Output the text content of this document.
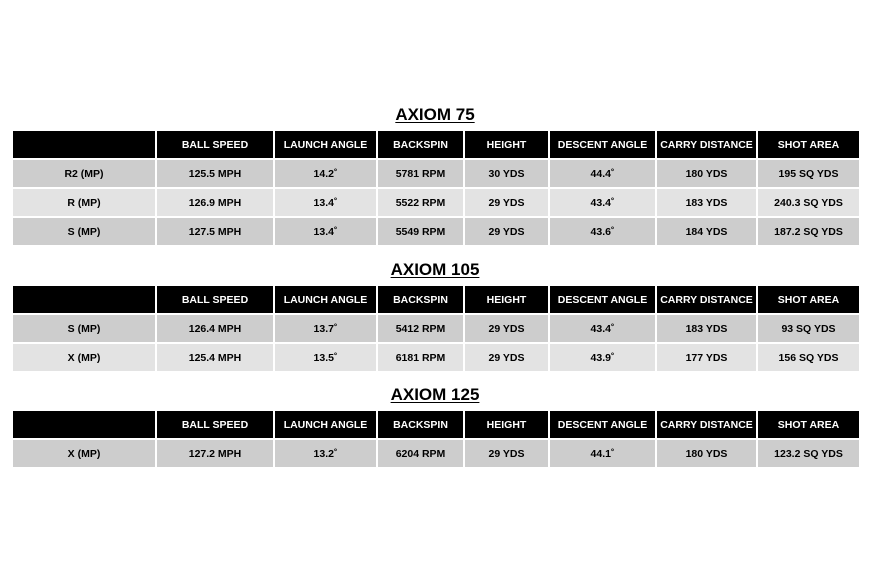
AXIOM 75
	BALL SPEED	LAUNCH ANGLE	BACKSPIN	HEIGHT	DESCENT ANGLE	CARRY DISTANCE	SHOT AREA
R2 (MP)	125.5 MPH	14.2˚	5781 RPM	30 YDS	44.4˚	180 YDS	195 SQ YDS
R (MP)	126.9 MPH	13.4˚	5522 RPM	29 YDS	43.4˚	183 YDS	240.3 SQ YDS
S (MP)	127.5 MPH	13.4˚	5549 RPM	29 YDS	43.6˚	184 YDS	187.2 SQ YDS
AXIOM 105
	BALL SPEED	LAUNCH ANGLE	BACKSPIN	HEIGHT	DESCENT ANGLE	CARRY DISTANCE	SHOT AREA
S (MP)	126.4 MPH	13.7˚	5412 RPM	29 YDS	43.4˚	183 YDS	93 SQ YDS
X (MP)	125.4 MPH	13.5˚	6181 RPM	29 YDS	43.9˚	177 YDS	156 SQ YDS
AXIOM 125
	BALL SPEED	LAUNCH ANGLE	BACKSPIN	HEIGHT	DESCENT ANGLE	CARRY DISTANCE	SHOT AREA
X (MP)	127.2 MPH	13.2˚	6204 RPM	29 YDS	44.1˚	180 YDS	123.2 SQ YDS
